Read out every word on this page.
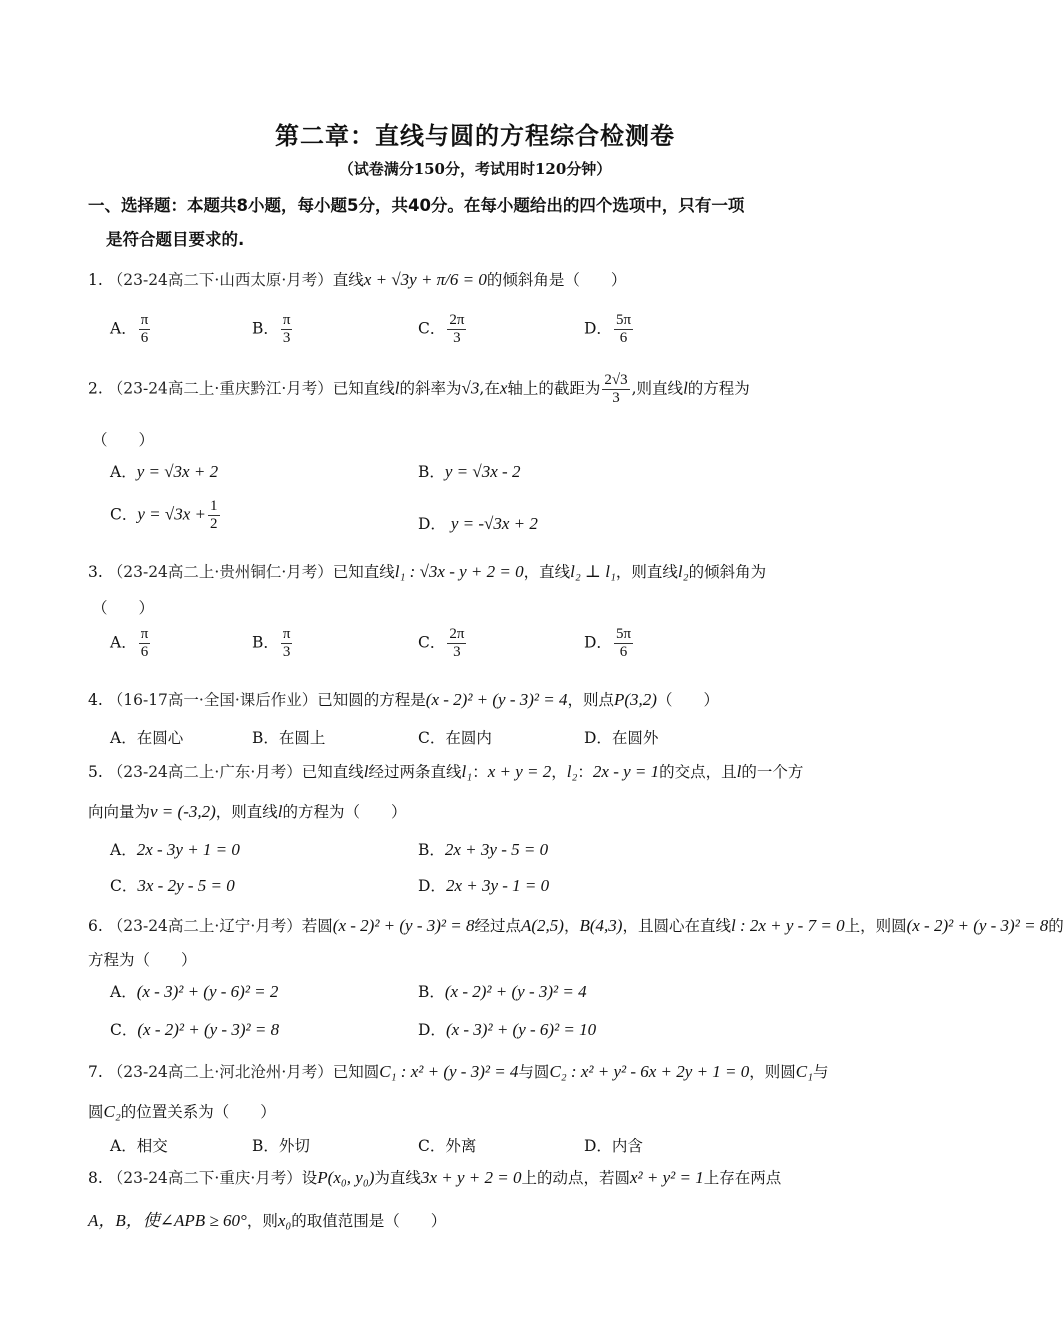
第二章：直线与圆的方程综合检测卷
（试卷满分150分，考试用时120分钟）
一、选择题：本题共8小题，每小题5分，共40分。在每小题给出的四个选项中，只有一项
是符合题目要求的.
1. （23-24高二下·山西太原·月考）直线x + √3y + π/6 = 0的倾斜角是（　　）
A． $\frac{\pi}{6}$	B． $\frac{\pi}{3}$	C． $\frac{2\pi}{3}$	D． $\frac{5\pi}{6}$
2. （23-24高二上·重庆黔江·月考）已知直线l的斜率为√3,在x轴上的截距为 $\frac{2√3}{3}$ ,则直线l的方程为
（　　）
A．y = √3x + 2	B．y = √3x - 2
C．$y = √3x + \frac{1}{2}$	D． y = -√3x + 2
3. （23-24高二上·贵州铜仁·月考）已知直线l₁ : √3x - y + 2 = 0，直线l₂ ⊥ l₁，则直线l₂的倾斜角为
（　　）
A． $\frac{\pi}{6}$	B． $\frac{\pi}{3}$	C． $\frac{2\pi}{3}$	D． $\frac{5\pi}{6}$
4. （16-17高一·全国·课后作业）已知圆的方程是(x - 2)² + (y - 3)² = 4，则点P(3,2)（　　）
A．在圆心	B．在圆上	C．在圆内	D．在圆外
5. （23-24高二上·广东·月考）已知直线l经过两条直线l₁：x + y = 2，l₂：2x - y = 1的交点，且l的一个方
向向量为v = (-3,2)，则直线l的方程为（　　）
A．2x - 3y + 1 = 0	B．2x + 3y - 5 = 0
C．3x - 2y - 5 = 0	D．2x + 3y - 1 = 0
6. （23-24高二上·辽宁·月考）若圆(x - 2)² + (y - 3)² = 8经过点A(2,5)，B(4,3)，且圆心在直线l : 2x + y - 7 = 0上，则圆(x - 2)² + (y - 3)² = 8的
方程为（　　）
A．(x - 3)² + (y - 6)² = 2	B．(x - 2)² + (y - 3)² = 4
C．(x - 2)² + (y - 3)² = 8	D．(x - 3)² + (y - 6)² = 10
7. （23-24高二上·河北沧州·月考）已知圆C₁ : x² + (y - 3)² = 4与圆C₂ : x² + y² - 6x + 2y + 1 = 0，则圆C₁与
圆C₂的位置关系为（　　）
A．相交	B．外切	C．外离	D．内含
8. （23-24高二下·重庆·月考）设P(x₀, y₀)为直线3x + y + 2 = 0上的动点，若圆x² + y² = 1上存在两点
A，B，使∠APB ≥ 60°，则x₀的取值范围是（　　）
